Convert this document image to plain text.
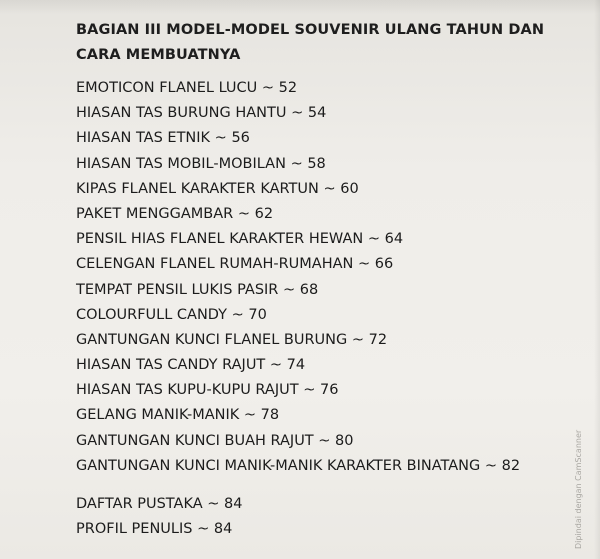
BAGIAN III MODEL-MODEL SOUVENIR ULANG TAHUN DAN CARA MEMBUATNYA
EMOTICON FLANEL LUCU ~ 52
HIASAN TAS BURUNG HANTU ~ 54
HIASAN TAS ETNIK ~ 56
HIASAN TAS MOBIL-MOBILAN ~ 58
KIPAS FLANEL KARAKTER KARTUN ~ 60
PAKET MENGGAMBAR ~ 62
PENSIL HIAS FLANEL KARAKTER HEWAN ~ 64
CELENGAN FLANEL RUMAH-RUMAHAN ~ 66
TEMPAT PENSIL LUKIS PASIR ~ 68
COLOURFULL CANDY ~ 70
GANTUNGAN KUNCI FLANEL BURUNG ~ 72
HIASAN TAS CANDY RAJUT ~ 74
HIASAN TAS KUPU-KUPU RAJUT ~ 76
GELANG MANIK-MANIK ~ 78
GANTUNGAN KUNCI BUAH RAJUT ~ 80
GANTUNGAN KUNCI MANIK-MANIK KARAKTER BINATANG ~ 82
DAFTAR PUSTAKA ~ 84
PROFIL PENULIS ~ 84	Dipindai dengan CamScanner
